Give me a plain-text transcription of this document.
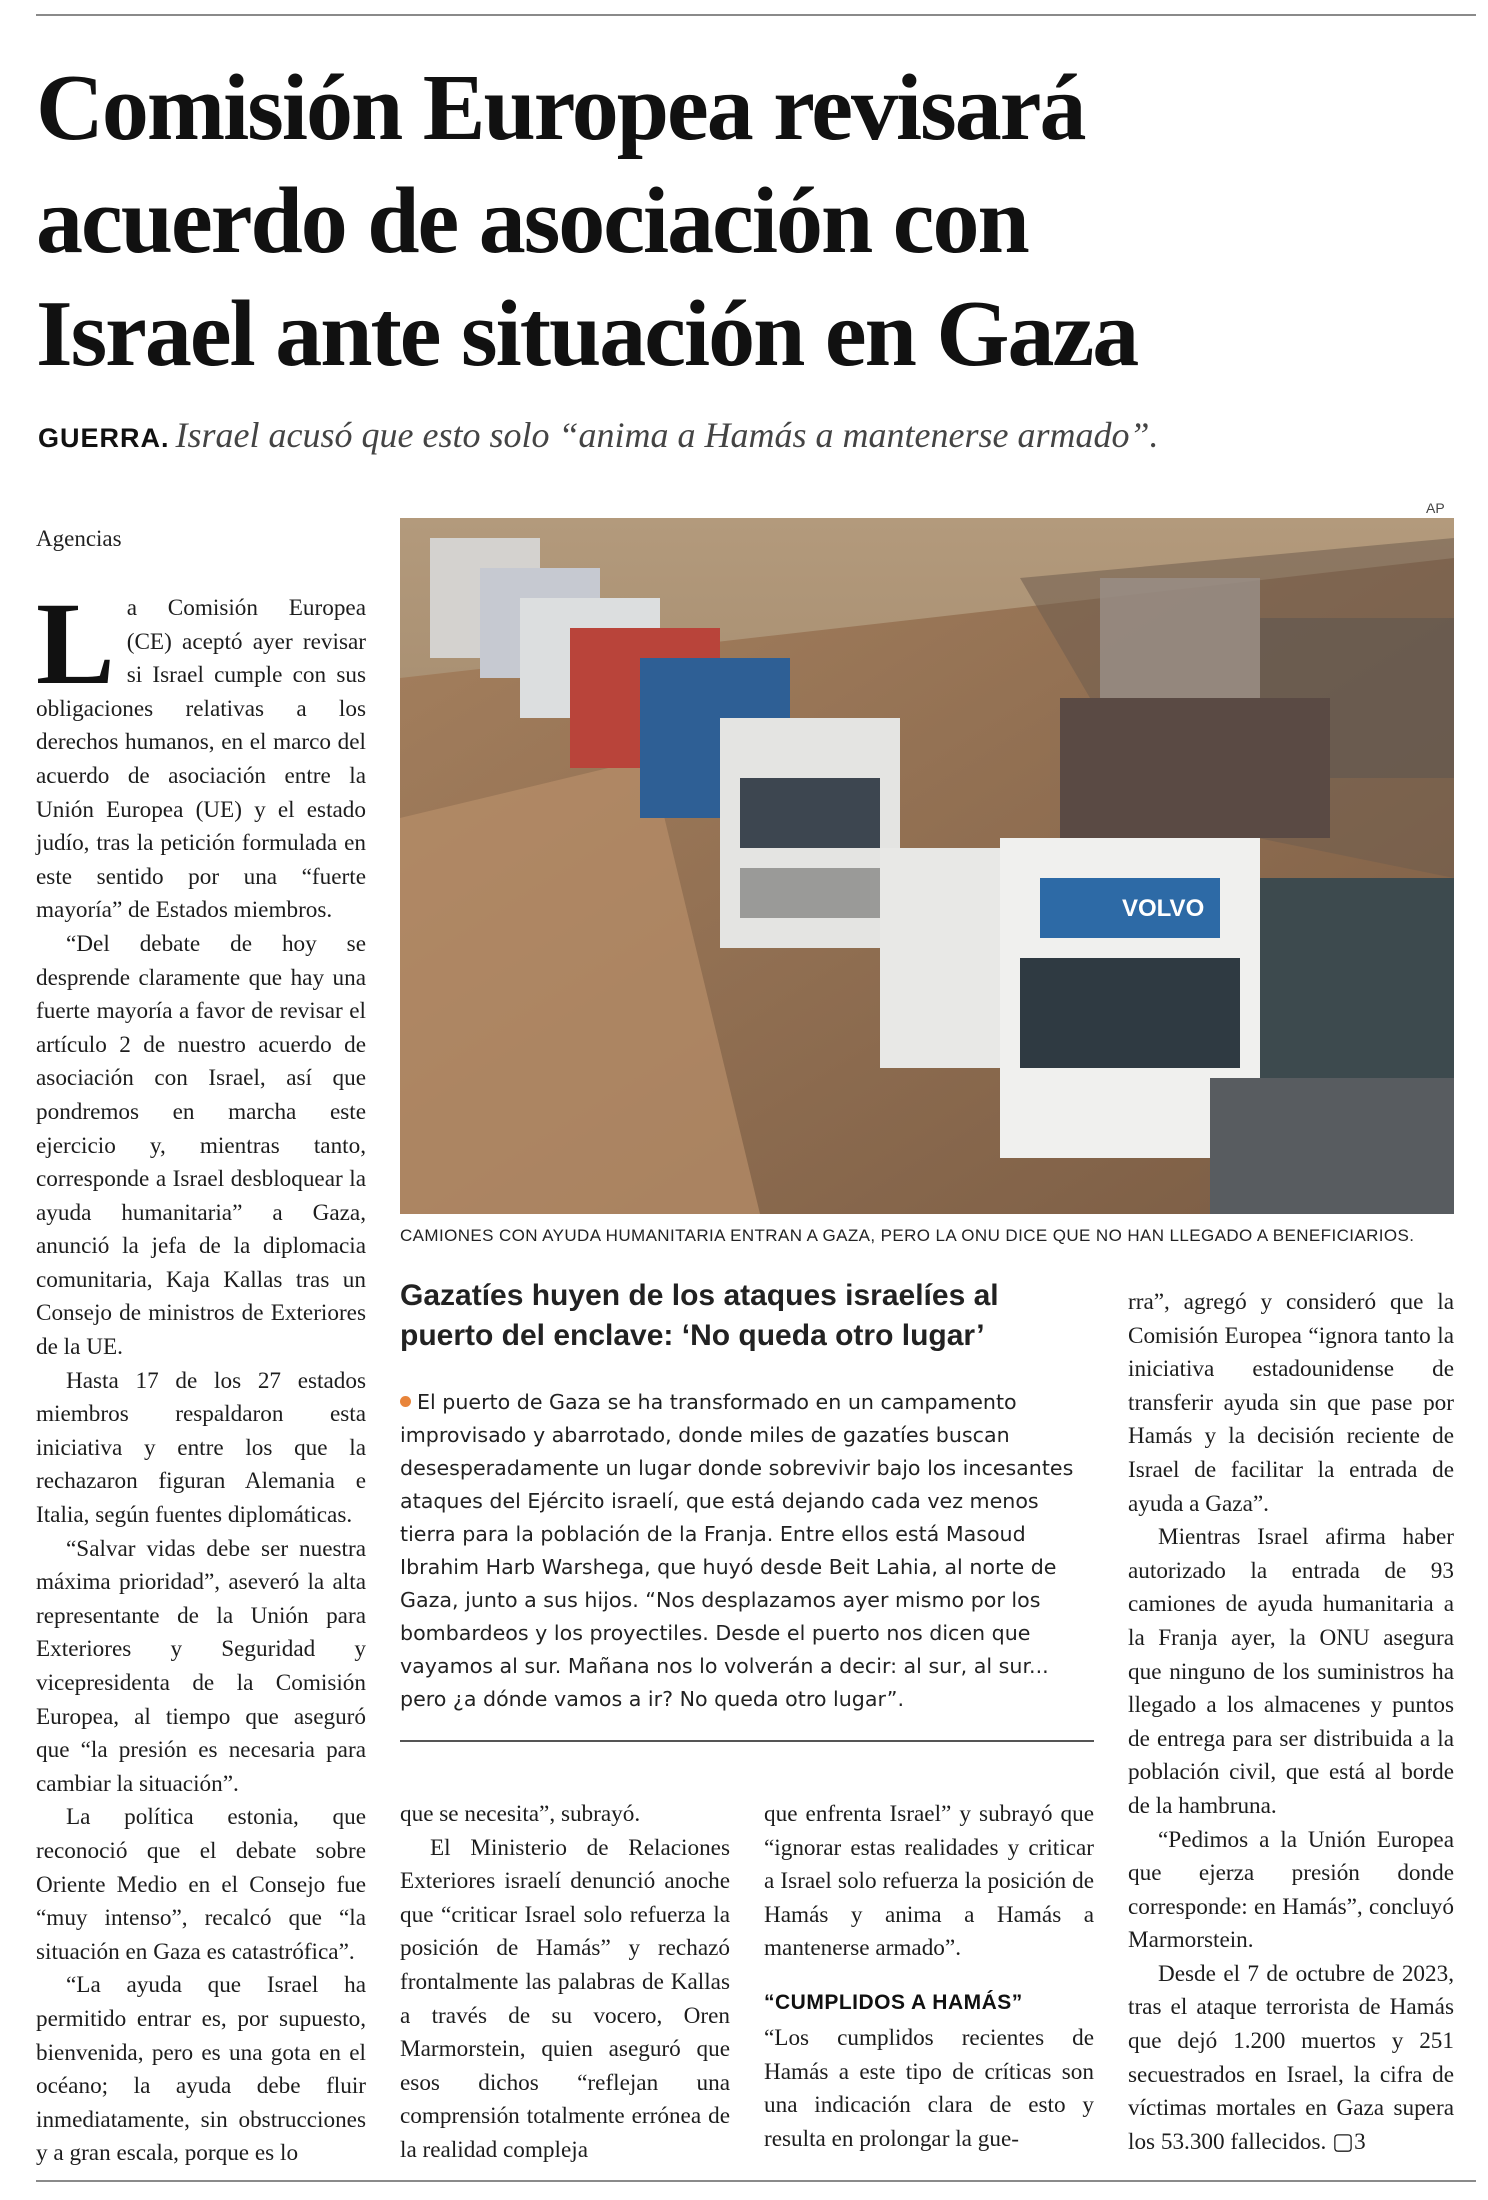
Comisión Europea revisará
acuerdo de asociación con
Israel ante situación en Gaza
GUERRA. Israel acusó que esto solo “anima a Hamás a mantenerse armado”.
AP
Agencias

La Comisión Europea (CE) aceptó ayer revisar si Israel cumple con sus obligaciones relativas a los derechos humanos, en el marco del acuerdo de asociación entre la Unión Europea (UE) y el estado judío, tras la petición formulada en este sentido por una “fuerte mayoría” de Estados miembros.

“Del debate de hoy se desprende claramente que hay una fuerte mayoría a favor de revisar el artículo 2 de nuestro acuerdo de asociación con Israel, así que pondremos en marcha este ejercicio y, mientras tanto, corresponde a Israel desbloquear la ayuda humanitaria” a Gaza, anunció la jefa de la diplomacia comunitaria, Kaja Kallas tras un Consejo de ministros de Exteriores de la UE.

Hasta 17 de los 27 estados miembros respaldaron esta iniciativa y entre los que la rechazaron figuran Alemania e Italia, según fuentes diplomáticas.

“Salvar vidas debe ser nuestra máxima prioridad”, aseveró la alta representante de la Unión para Exteriores y Seguridad y vicepresidenta de la Comisión Europea, al tiempo que aseguró que “la presión es necesaria para cambiar la situación”.

La política estonia, que reconoció que el debate sobre Oriente Medio en el Consejo fue “muy intenso”, recalcó que “la situación en Gaza es catastrófica”.

“La ayuda que Israel ha permitido entrar es, por supuesto, bienvenida, pero es una gota en el océano; la ayuda debe fluir inmediatamente, sin obstrucciones y a gran escala, porque es lo

VOLVO
CAMIONES CON AYUDA HUMANITARIA ENTRAN A GAZA, PERO LA ONU DICE QUE NO HAN LLEGADO A BENEFICIARIOS.
Gazatíes huyen de los ataques israelíes al puerto del enclave: ‘No queda otro lugar’

El puerto de Gaza se ha transformado en un campamento improvisado y abarrotado, donde miles de gazatíes buscan desesperadamente un lugar donde sobrevivir bajo los incesantes ataques del Ejército israelí, que está dejando cada vez menos tierra para la población de la Franja. Entre ellos está Masoud Ibrahim Harb Warshega, que huyó desde Beit Lahia, al norte de Gaza, junto a sus hijos. “Nos desplazamos ayer mismo por los bombardeos y los proyectiles. Desde el puerto nos dicen que vayamos al sur. Mañana nos lo volverán a decir: al sur, al sur... pero ¿a dónde vamos a ir? No queda otro lugar”.

que se necesita”, subrayó.

El Ministerio de Relaciones Exteriores israelí denunció anoche que “criticar Israel solo refuerza la posición de Hamás” y rechazó frontalmente las palabras de Kallas a través de su vocero, Oren Marmorstein, quien aseguró que esos dichos “reflejan una comprensión totalmente errónea de la realidad compleja

que enfrenta Israel” y subrayó que “ignorar estas realidades y criticar a Israel solo refuerza la posición de Hamás y anima a Hamás a mantenerse armado”.

“CUMPLIDOS A HAMÁS”

“Los cumplidos recientes de Hamás a este tipo de críticas son una indicación clara de esto y resulta en prolongar la gue-

rra”, agregó y consideró que la Comisión Europea “ignora tanto la iniciativa estadounidense de transferir ayuda sin que pase por Hamás y la decisión reciente de Israel de facilitar la entrada de ayuda a Gaza”.

Mientras Israel afirma haber autorizado la entrada de 93 camiones de ayuda humanitaria a la Franja ayer, la ONU asegura que ninguno de los suministros ha llegado a los almacenes y puntos de entrega para ser distribuida a la población civil, que está al borde de la hambruna.

“Pedimos a la Unión Europea que ejerza presión donde corresponde: en Hamás”, concluyó Marmorstein.

Desde el 7 de octubre de 2023, tras el ataque terrorista de Hamás que dejó 1.200 muertos y 251 secuestrados en Israel, la cifra de víctimas mortales en Gaza supera los 53.300 fallecidos. ▢3
